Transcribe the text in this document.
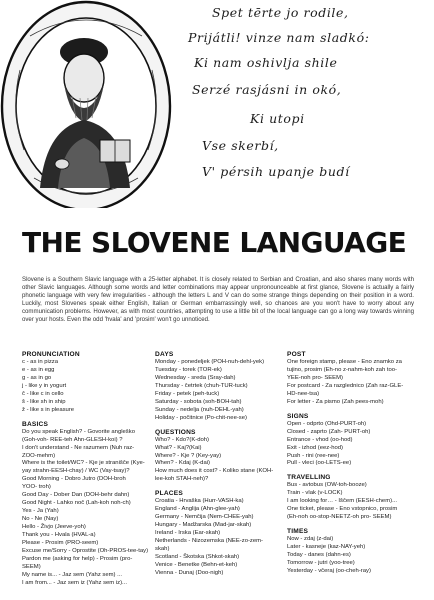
Spet tērte jo rodile,
Prijátli! vinze nam sladkó:
Ki nam oshivlja shile
Serzé rasjásni in okó,
Ki utopi
Vse skerbí,
V' pérsih upanje budí
THE SLOVENE LANGUAGE

Slovene is a Southern Slavic language with a 25-letter alphabet. It is closely related to Serbian and Croatian, and also shares many words with other Slavic languages. Although some words and letter combinations may appear unpronounceable at first glance, Slovene is actually a fairly phonetic language with very few irregularities - although the letters L and V can do some strange things depending on their position in a word. Luckily, most Slovenes speak either English, Italian or German embarrassingly well, so chances are you won't have to worry about any communication problems. However, as with most countries, attempting to use a little bit of the local language can go a long way towards winning over your hosts. Even the odd 'hvala' and 'prosim' won't go unnoticed.

PRONUNCIATION
c - as in pizza
e - as in egg
g - as in go
j - like y in yogurt
č - like c in cello
š - like sh in ship
ž - like s in pleasure
BASICS
Do you speak English? - Govorite angleško
(Goh-voh- REE-teh Ahn-GLESH-koi) ?
I don't understand - Ne razumem (Nuh raz-
ZOO-mehm)
Where is the toilet/WC? - Kje je stranišče (Kye-
yay strahn-EESH-chay) / WC (Vay-tsay)?
Good Morning - Dobro Jutro (DOH-broh
YOO- troh)
Good Day - Dober Dan (DOH-behr dahn)
Good Night - Lahko noč (Lah-koh noh-ch)
Yes - Ja (Yah)
No - Ne (Nay)
Hello - Živjo (Jeeve-yoh)
Thank you - Hvala (HVAL-a)
Please - Prosim (PRO-seem)
Excuse me/Sorry - Oprostite (Oh-PROS-tee-tay)
Pardon me (asking for help) - Prosim (pro-SEEM)
My name is... - Jaz sem (Yahz sem) ...
I am from... - Jaz sem iz (Yahz sem iz)...
DAYS
Monday - ponedeljek (POH-nuh-dehl-yek)
Tuesday - torek (TOR-ek)
Wednesday - sreda (Sray-dah)
Thursday - četrtek (chuh-TUR-tuck)
Friday - petek (peh-tuck)
Saturday - sobota (soh-BOH-tah)
Sunday - nedelja (nuh-DEHL-yah)
Holiday - počitnice (Po-chit-nee-se)
QUESTIONS
Who? - Kdo?(K-doh)
What? - Kaj?(Kai)
Where? - Kje ? (Key-yay)
When? - Kdaj (K-dai)
How much does it cost? - Koliko stane (KOH-
lee-koh STAH-neh)?
PLACES
Croatia - Hrvaška (Hurr-VASH-ka)
England - Anglija (Ahn-glee-yah)
Germany - Nemčija (Nem-CHEE-yah)
Hungary - Madžarska (Mad-jar-skah)
Ireland - Irska (Ear-skah)
Netherlands - Nizozemska (NEE-zo-zem-
skah)
Scotland - Škotska (Shkot-skah)
Venice - Benetke (Behn-et-keh)
Vienna - Dunaj (Doo-nigh)
POST
One foreign stamp, please - Eno znamko za
tujino, prosim (Eh-no z-nahm-koh zah too-
YEE-noh pro- SEEM)
For postcard - Za razglednico (Zah raz-GLE-
HD-nee-tsa)
For letter - Za pismo (Zah pees-moh)
SIGNS
Open - odprto (Ohd-PURT-oh)
Closed - zaprto (Zah- PURT-oh)
Entrance - vhod (oo-hod)
Exit - izhod (eez-hod)
Push - rini (ree-nee)
Pull - vleci (oo-LETS-ee)
TRAVELLING
Bus - avtobus (OW-toh-booze)
Train - vlak (v-LOCK)
I am looking for… - Iščem (EESH-chem)...
One ticket, please - Eno vstopnico, prosim
(Eh-noh oo-stop-NEETZ-oh pro- SEEM)
TIMES
Now - zdaj (z-dai)
Later - kasneje (kaz-NAY-yeh)
Today - danes (dahn-es)
Tomorrow - jutri (yoo-tree)
Yesterday - včeraj (oo-cheh-ray)
